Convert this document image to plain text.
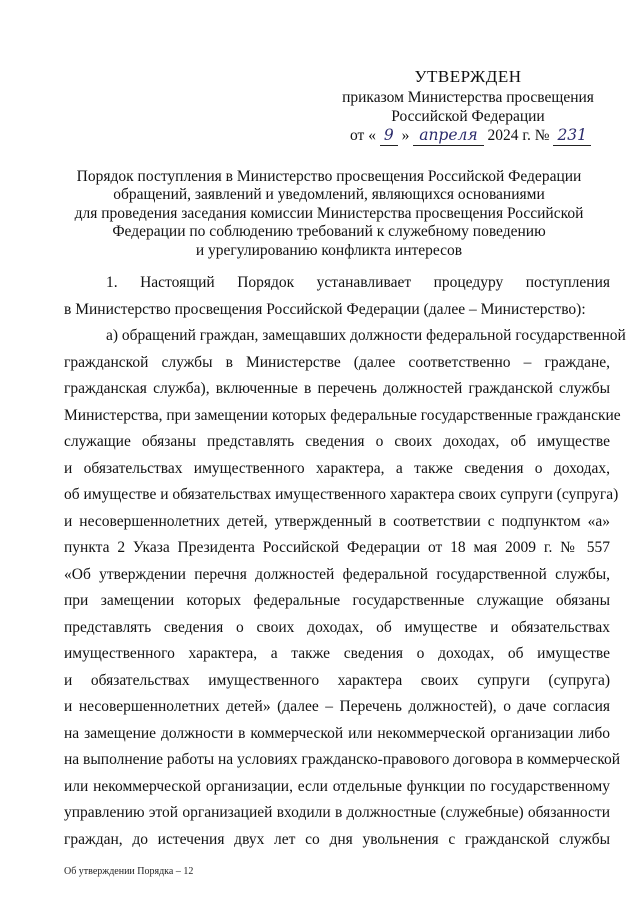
УТВЕРЖДЕН
приказом Министерства просвещения
Российской Федерации
от « 9 » апреля 2024 г. № 231
Порядок поступления в Министерство просвещения Российской Федерации
обращений, заявлений и уведомлений, являющихся основаниями
для проведения заседания комиссии Министерства просвещения Российской
Федерации по соблюдению требований к служебному поведению
и урегулированию конфликта интересов
1. Настоящий Порядок устанавливает процедуру поступления
в Министерство просвещения Российской Федерации (далее – Министерство):
а) обращений граждан, замещавших должности федеральной государственной
гражданской службы в Министерстве (далее соответственно – граждане,
гражданская служба), включенные в перечень должностей гражданской службы
Министерства, при замещении которых федеральные государственные гражданские
служащие обязаны представлять сведения о своих доходах, об имуществе
и обязательствах имущественного характера, а также сведения о доходах,
об имуществе и обязательствах имущественного характера своих супруги (супруга)
и несовершеннолетних детей, утвержденный в соответствии с подпунктом «а»
пункта 2 Указа Президента Российской Федерации от 18 мая 2009 г. № 557
«Об утверждении перечня должностей федеральной государственной службы,
при замещении которых федеральные государственные служащие обязаны
представлять сведения о своих доходах, об имуществе и обязательствах
имущественного характера, а также сведения о доходах, об имуществе
и обязательствах имущественного характера своих супруги (супруга)
и несовершеннолетних детей» (далее – Перечень должностей), о даче согласия
на замещение должности в коммерческой или некоммерческой организации либо
на выполнение работы на условиях гражданско-правового договора в коммерческой
или некоммерческой организации, если отдельные функции по государственному
управлению этой организацией входили в должностные (служебные) обязанности
граждан, до истечения двух лет со дня увольнения с гражданской службы
Об утверждении Порядка – 12
